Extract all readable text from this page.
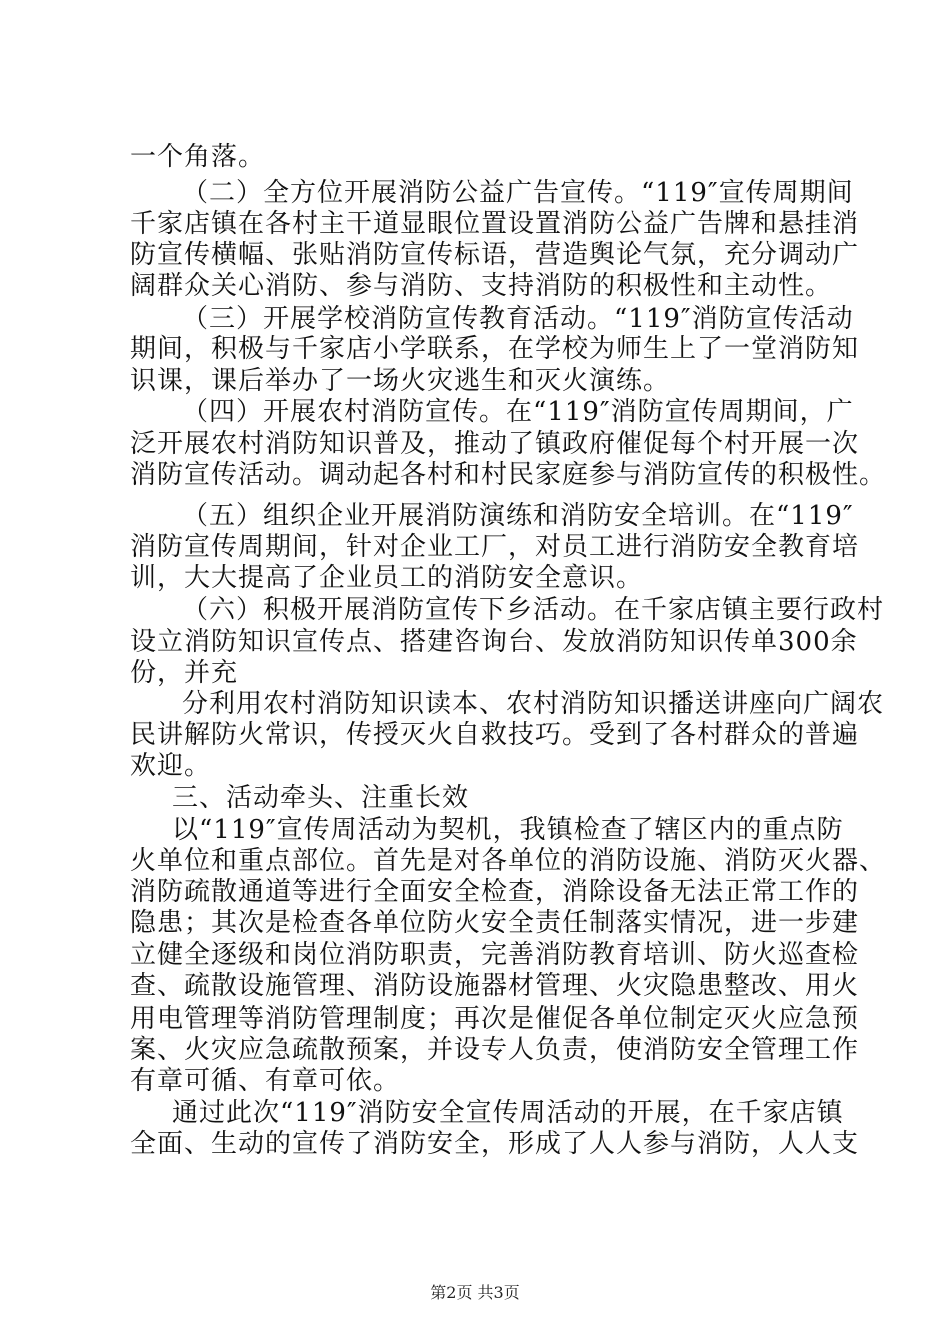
一个角落。
（二）全方位开展消防公益广告宣传。“119″宣传周期间
千家店镇在各村主干道显眼位置设置消防公益广告牌和悬挂消
防宣传横幅、张贴消防宣传标语，营造舆论气氛，充分调动广
阔群众关心消防、参与消防、支持消防的积极性和主动性。
（三）开展学校消防宣传教育活动。“119″消防宣传活动
期间，积极与千家店小学联系，在学校为师生上了一堂消防知
识课，课后举办了一场火灾逃生和灭火演练。
（四）开展农村消防宣传。在“119″消防宣传周期间，广
泛开展农村消防知识普及，推动了镇政府催促每个村开展一次
消防宣传活动。调动起各村和村民家庭参与消防宣传的积极性。
（五）组织企业开展消防演练和消防安全培训。在“119″
消防宣传周期间，针对企业工厂，对员工进行消防安全教育培
训，大大提高了企业员工的消防安全意识。
（六）积极开展消防宣传下乡活动。在千家店镇主要行政村
设立消防知识宣传点、搭建咨询台、发放消防知识传单300余
份，并充
分利用农村消防知识读本、农村消防知识播送讲座向广阔农
民讲解防火常识，传授灭火自救技巧。受到了各村群众的普遍
欢迎。
三、活动牵头、注重长效
以“119″宣传周活动为契机，我镇检查了辖区内的重点防
火单位和重点部位。首先是对各单位的消防设施、消防灭火器、
消防疏散通道等进行全面安全检查，消除设备无法正常工作的
隐患；其次是检查各单位防火安全责任制落实情况，进一步建
立健全逐级和岗位消防职责，完善消防教育培训、防火巡查检
查、疏散设施管理、消防设施器材管理、火灾隐患整改、用火
用电管理等消防管理制度；再次是催促各单位制定灭火应急预
案、火灾应急疏散预案，并设专人负责，使消防安全管理工作
有章可循、有章可依。
通过此次“119″消防安全宣传周活动的开展，在千家店镇
全面、生动的宣传了消防安全，形成了人人参与消防，人人支
第2页 共3页
